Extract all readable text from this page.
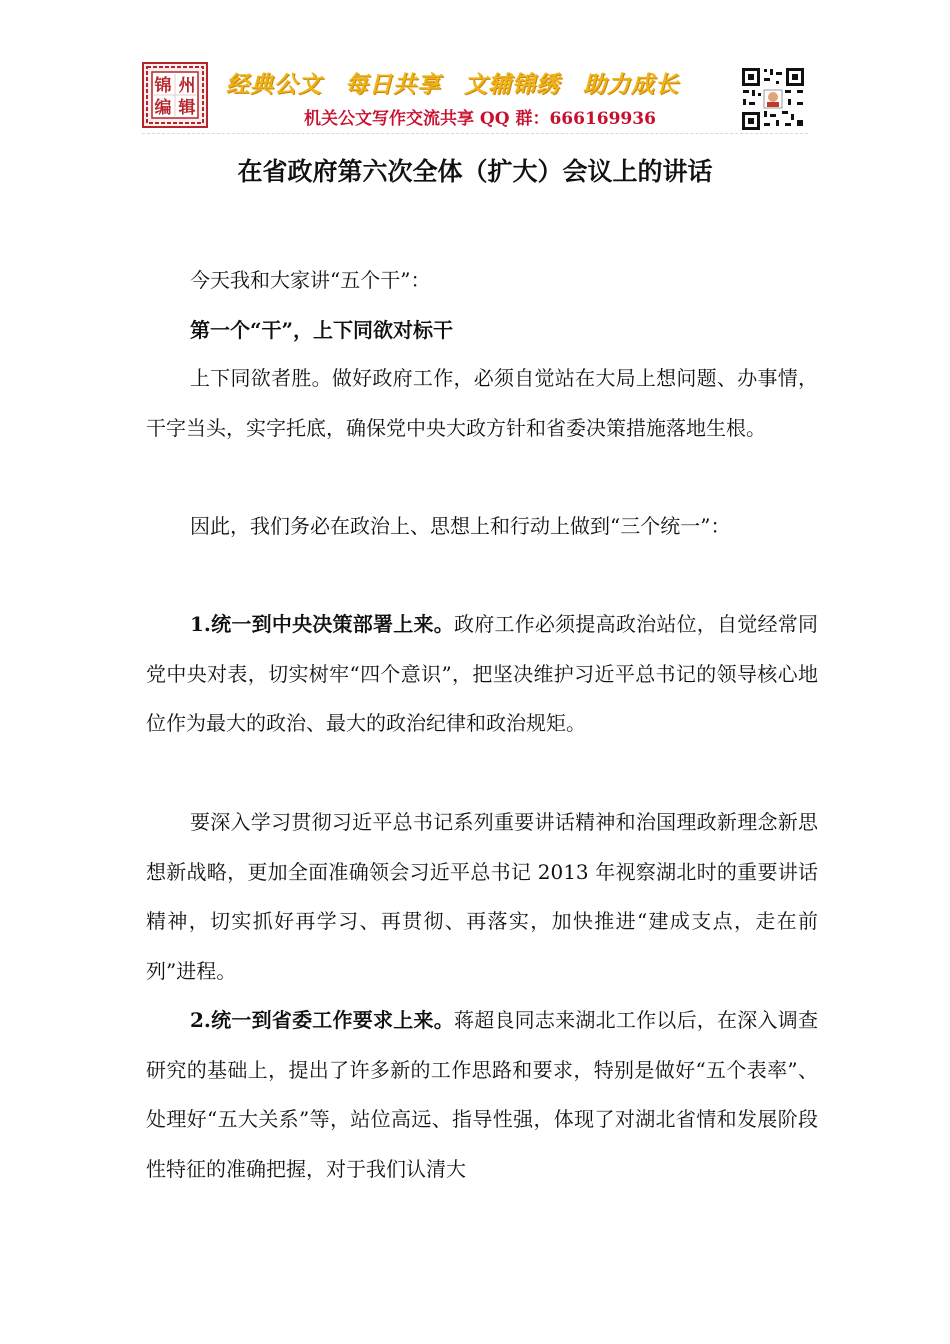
锦 州
编 辑
经典公文 每日共享 文辅锦绣 助力成长
机关公文写作交流共享 QQ 群：666169936
在省政府第六次全体（扩大）会议上的讲话

今天我和大家讲“五个干”：

第一个“干”，上下同欲对标干

上下同欲者胜。做好政府工作，必须自觉站在大局上想问题、办事情，干字当头，实字托底，确保党中央大政方针和省委决策措施落地生根。

因此，我们务必在政治上、思想上和行动上做到“三个统一”：

1.统一到中央决策部署上来。政府工作必须提高政治站位，自觉经常同党中央对表，切实树牢“四个意识”，把坚决维护习近平总书记的领导核心地位作为最大的政治、最大的政治纪律和政治规矩。

要深入学习贯彻习近平总书记系列重要讲话精神和治国理政新理念新思想新战略，更加全面准确领会习近平总书记 2013 年视察湖北时的重要讲话精神，切实抓好再学习、再贯彻、再落实，加快推进“建成支点，走在前列”进程。

2.统一到省委工作要求上来。蒋超良同志来湖北工作以后，在深入调查研究的基础上，提出了许多新的工作思路和要求，特别是做好“五个表率”、处理好“五大关系”等，站位高远、指导性强，体现了对湖北省情和发展阶段性特征的准确把握，对于我们认清大
